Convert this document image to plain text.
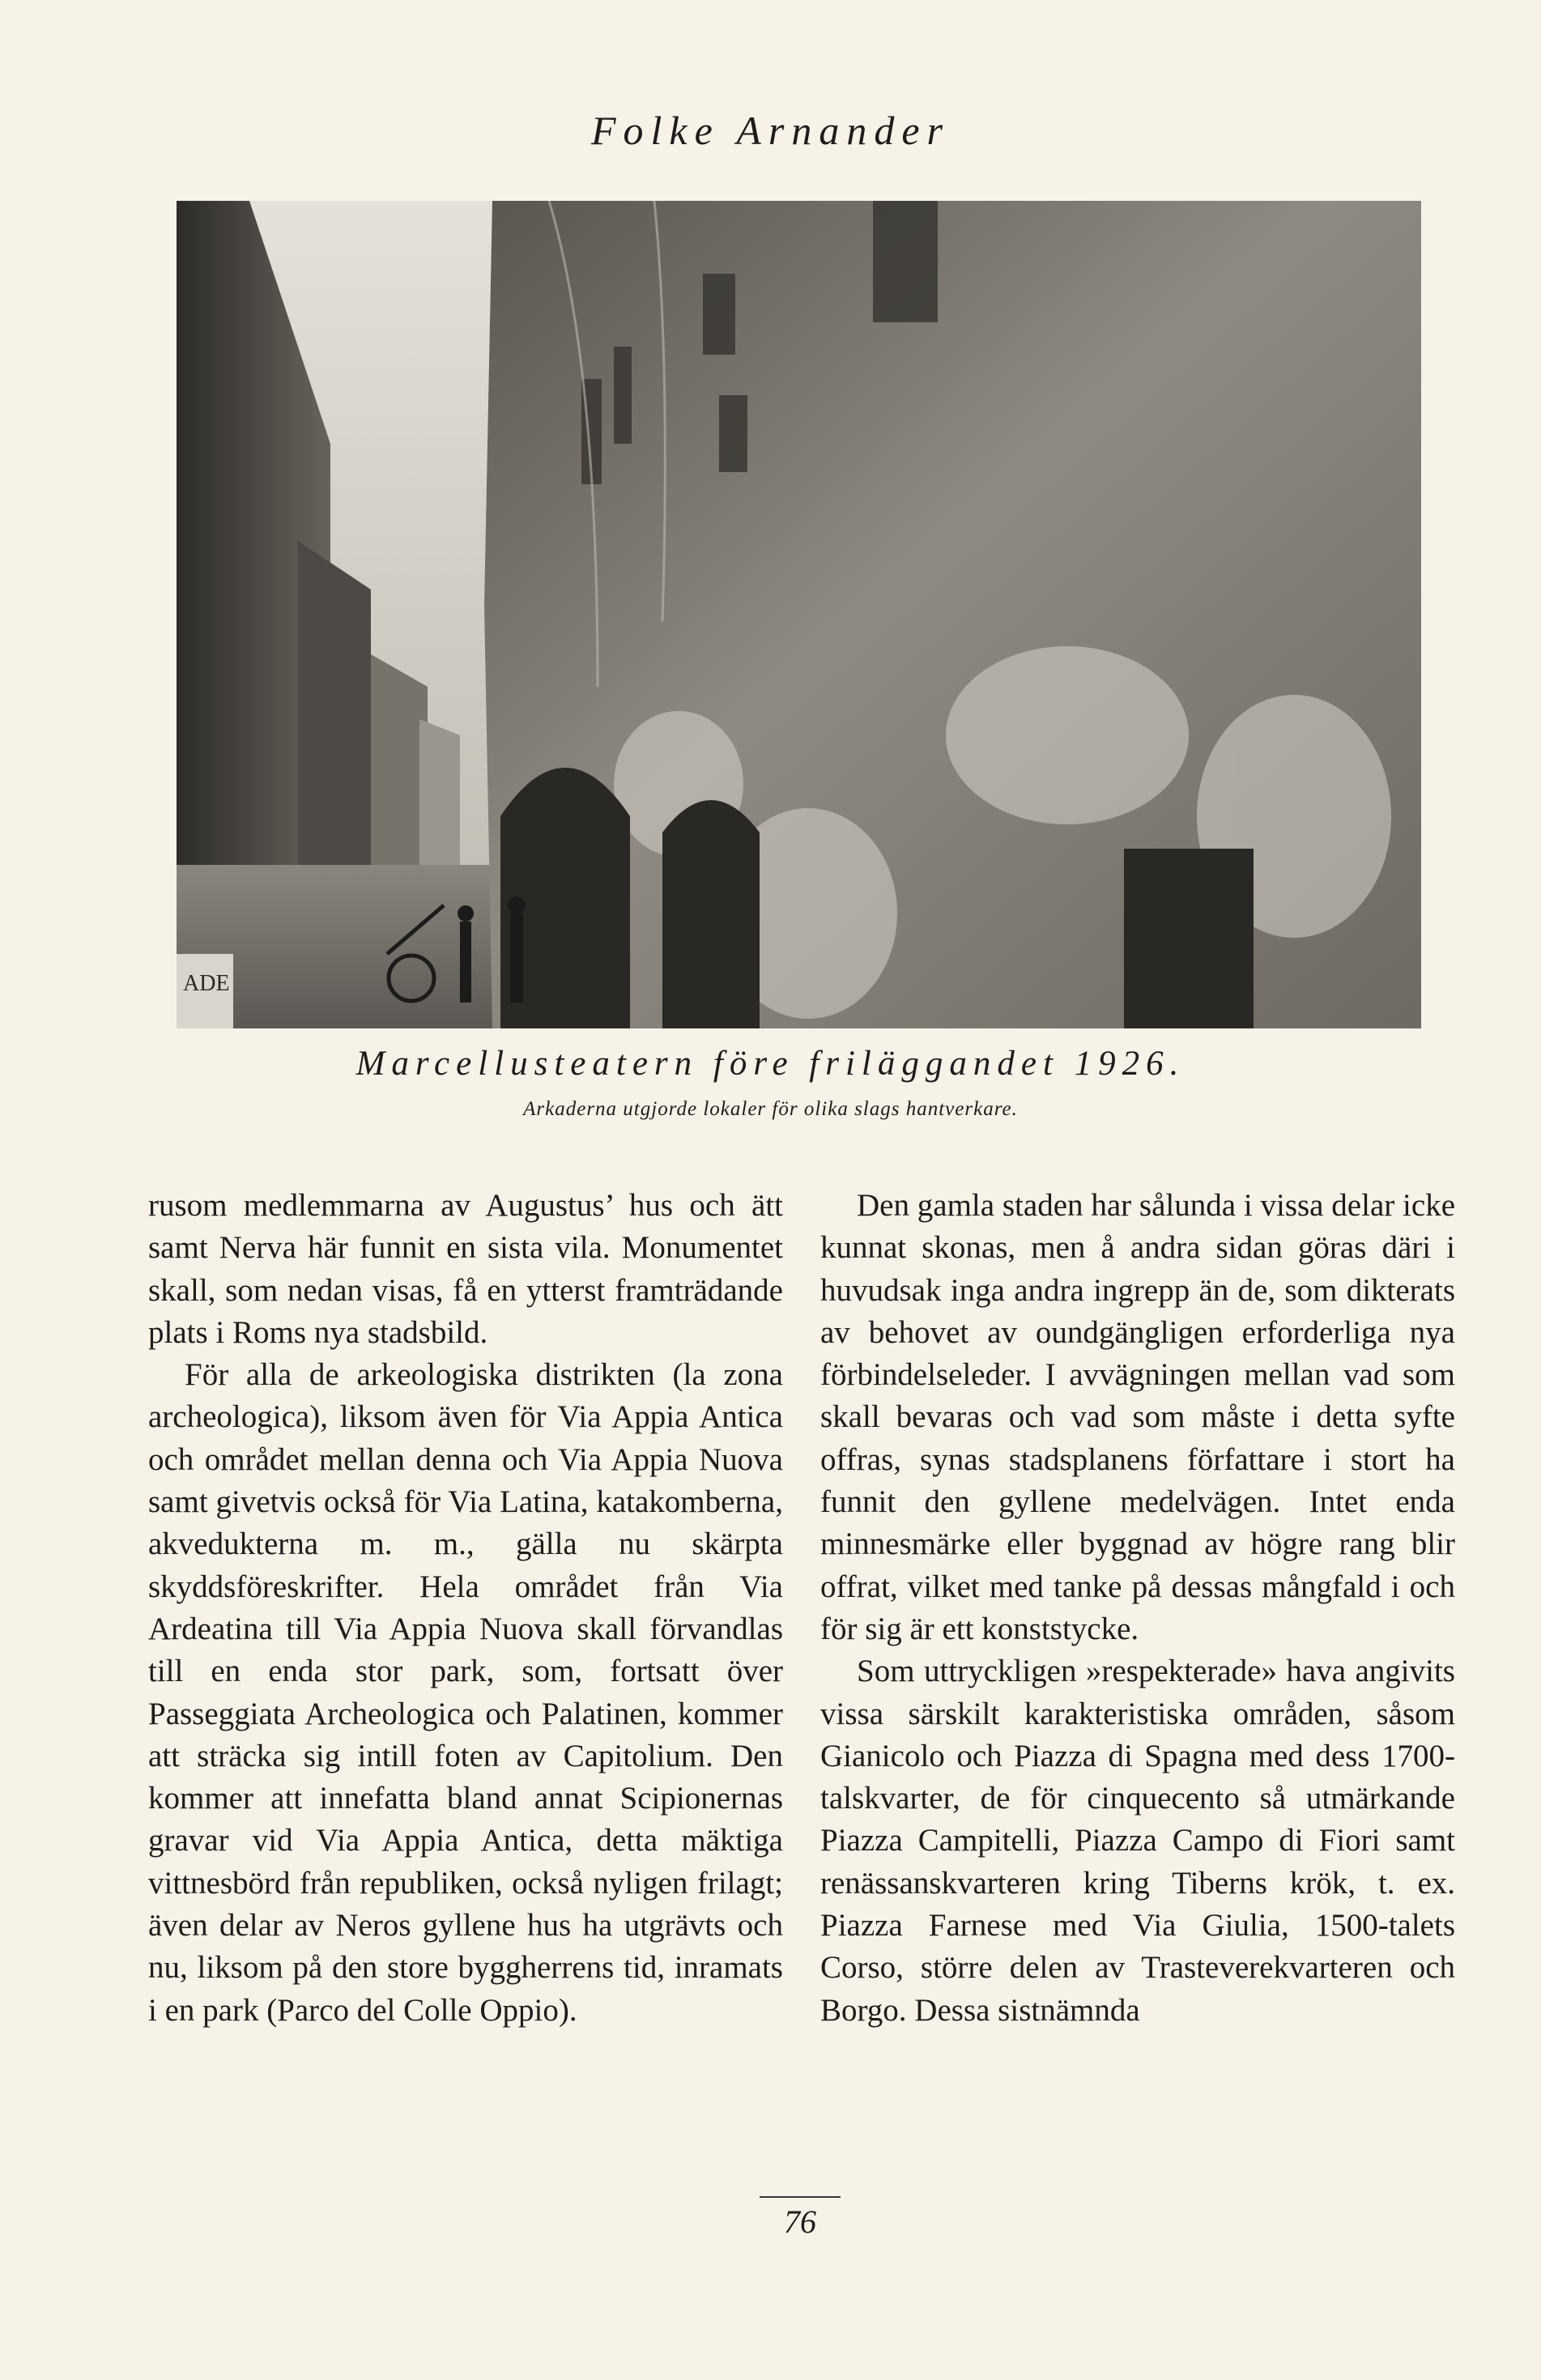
Folke Arnander
ADE
Marcellusteatern före friläggandet 1926.
Arkaderna utgjorde lokaler för olika slags hantverkare.

rusom medlemmarna av Augustus’ hus och ätt samt Nerva här funnit en sista vila. Monumentet skall, som nedan visas, få en ytterst framträdande plats i Roms nya stadsbild.

För alla de arkeologiska distrikten (la zona archeologica), liksom även för Via Appia Antica och området mellan denna och Via Appia Nuova samt givetvis också för Via Latina, katakomberna, akvedukterna m. m., gälla nu skärpta skyddsföreskrifter. Hela området från Via Ardeatina till Via Appia Nuova skall förvandlas till en enda stor park, som, fortsatt över Passeggiata Archeologica och Palatinen, kommer att sträcka sig intill foten av Capitolium. Den kommer att innefatta bland annat Scipionernas gravar vid Via Appia Antica, detta mäktiga vittnesbörd från republiken, också nyligen frilagt; även delar av Neros gyllene hus ha utgrävts och nu, liksom på den store byggherrens tid, inramats i en park (Parco del Colle Oppio).

Den gamla staden har sålunda i vissa delar icke kunnat skonas, men å andra sidan göras däri i huvudsak inga andra ingrepp än de, som dikterats av behovet av oundgängligen erforderliga nya förbindelseleder. I avvägningen mellan vad som skall bevaras och vad som måste i detta syfte offras, synas stadsplanens författare i stort ha funnit den gyllene medelvägen. Intet enda minnesmärke eller byggnad av högre rang blir offrat, vilket med tanke på dessas mångfald i och för sig är ett konststycke.

Som uttryckligen »respekterade» hava angivits vissa särskilt karakteristiska områden, såsom Gianicolo och Piazza di Spagna med dess 1700-talskvarter, de för cinquecento så utmärkande Piazza Campitelli, Piazza Campo di Fiori samt renässanskvarteren kring Tiberns krök, t. ex. Piazza Farnese med Via Giulia, 1500-talets Corso, större delen av Trasteverekvarteren och Borgo. Dessa sistnämnda

76
